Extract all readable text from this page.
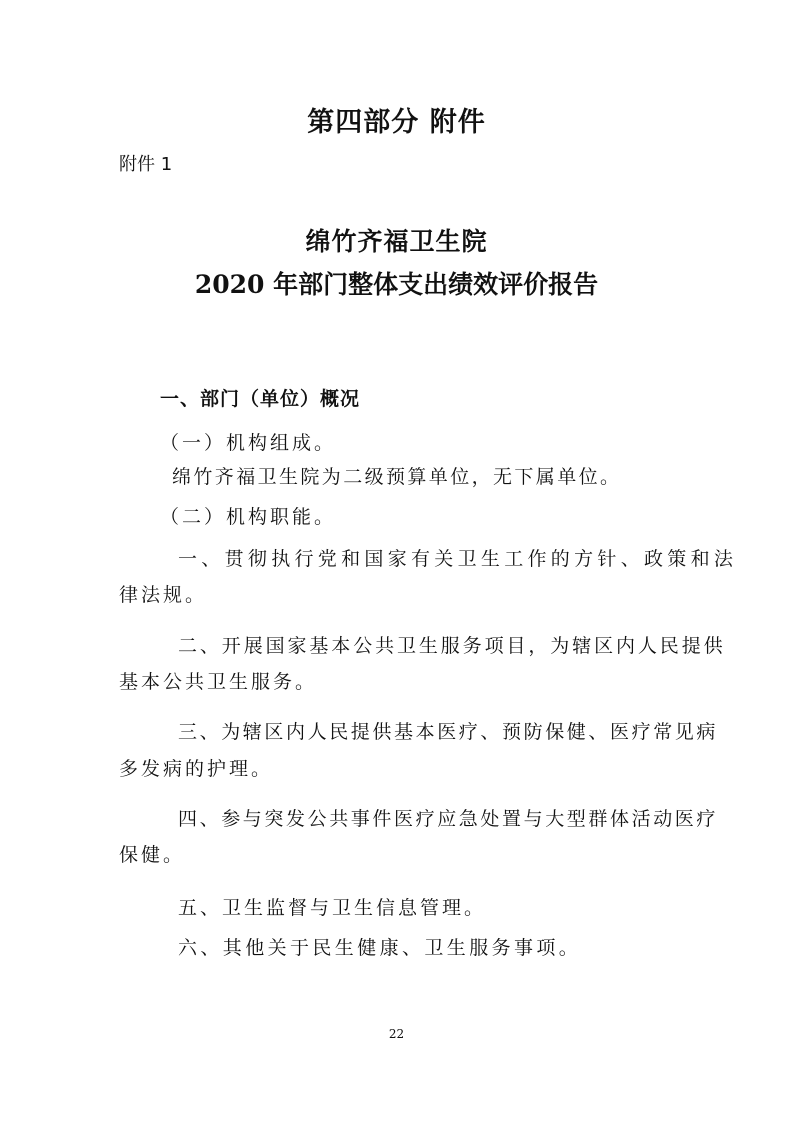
第四部分 附件
附件 1
绵竹齐福卫生院
2020 年部门整体支出绩效评价报告
一、部门（单位）概况
（一）机构组成。
绵竹齐福卫生院为二级预算单位，无下属单位。
（二）机构职能。
一、贯彻执行党和国家有关卫生工作的方针、政策和法
律法规。
二、开展国家基本公共卫生服务项目，为辖区内人民提供
基本公共卫生服务。
三、为辖区内人民提供基本医疗、预防保健、医疗常见病
多发病的护理。
四、参与突发公共事件医疗应急处置与大型群体活动医疗
保健。
五、卫生监督与卫生信息管理。
六、其他关于民生健康、卫生服务事项。
22
